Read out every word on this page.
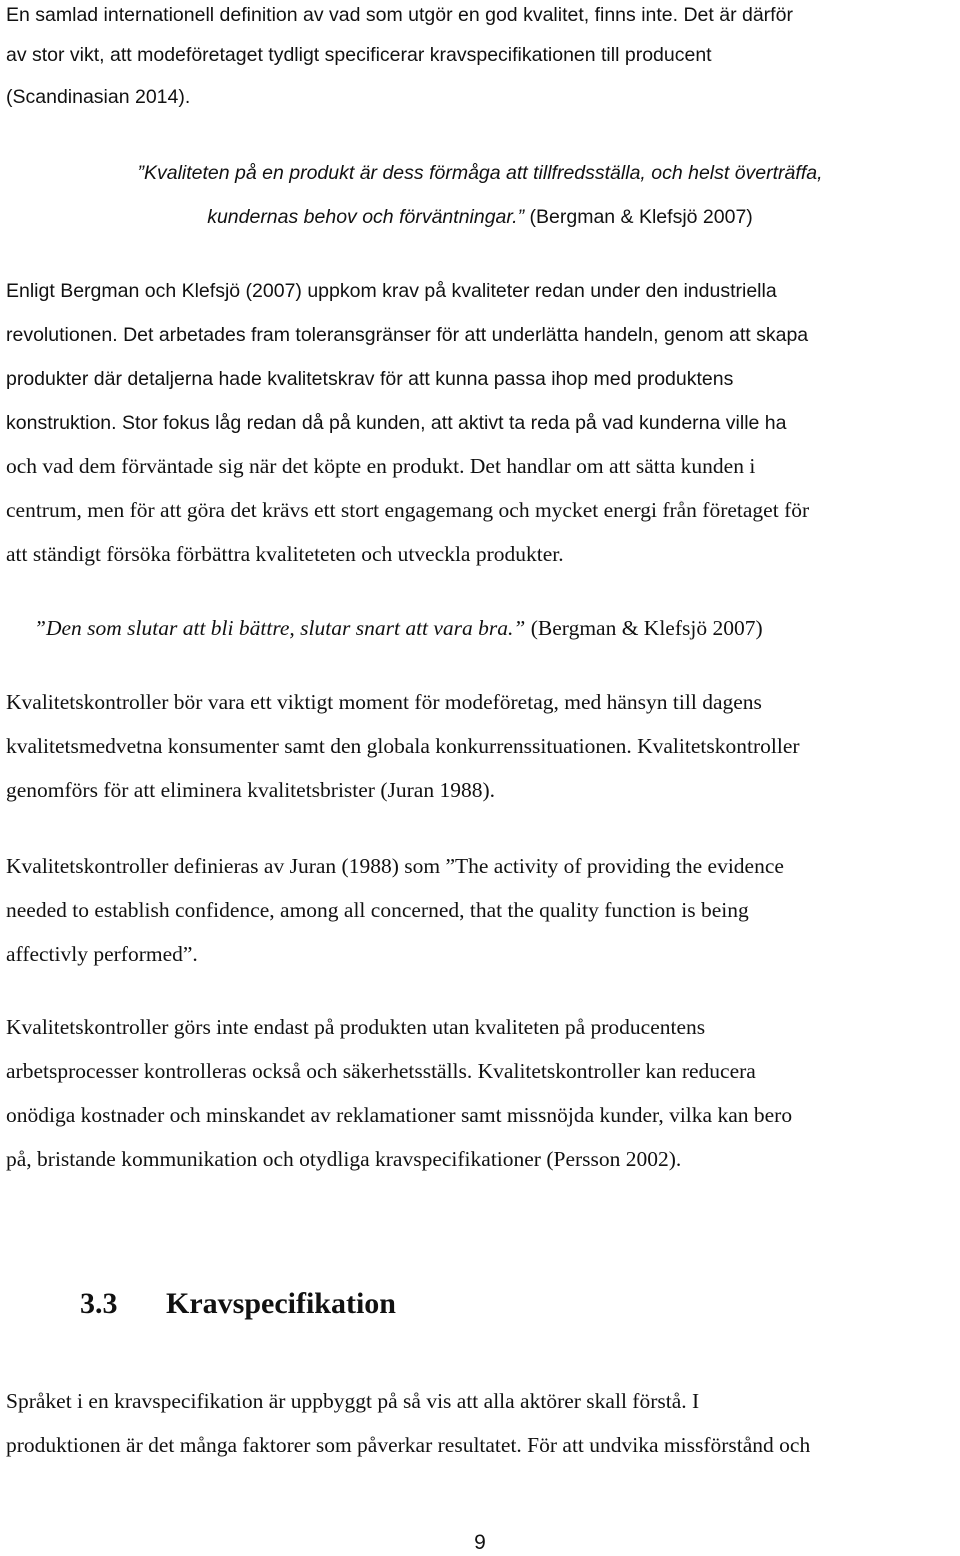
En samlad internationell definition av vad som utgör en god kvalitet, finns inte. Det är därför
av stor vikt, att modeföretaget tydligt specificerar kravspecifikationen till producent
(Scandinasian 2014).
”Kvaliteten på en produkt är dess förmåga att tillfredsställa, och helst överträffa,
kundernas behov och förväntningar.” (Bergman & Klefsjö 2007)
Enligt Bergman och Klefsjö (2007) uppkom krav på kvaliteter redan under den industriella
revolutionen. Det arbetades fram toleransgränser för att underlätta handeln, genom att skapa
produkter där detaljerna hade kvalitetskrav för att kunna passa ihop med produktens
konstruktion. Stor fokus låg redan då på kunden, att aktivt ta reda på vad kunderna ville ha
och vad dem förväntade sig när det köpte en produkt. Det handlar om att sätta kunden i
centrum, men för att göra det krävs ett stort engagemang och mycket energi från företaget för
att ständigt försöka förbättra kvaliteteten och utveckla produkter.
”Den som slutar att bli bättre, slutar snart att vara bra.” (Bergman & Klefsjö 2007)
Kvalitetskontroller bör vara ett viktigt moment för modeföretag, med hänsyn till dagens
kvalitetsmedvetna konsumenter samt den globala konkurrenssituationen. Kvalitetskontroller
genomförs för att eliminera kvalitetsbrister (Juran 1988).
Kvalitetskontroller definieras av Juran (1988) som ”The activity of providing the evidence
needed to establish confidence, among all concerned, that the quality function is being
affectivly performed”.
Kvalitetskontroller görs inte endast på produkten utan kvaliteten på producentens
arbetsprocesser kontrolleras också och säkerhetsställs. Kvalitetskontroller kan reducera
onödiga kostnader och minskandet av reklamationer samt missnöjda kunder, vilka kan bero
på, bristande kommunikation och otydliga kravspecifikationer (Persson 2002).
3.3 Kravspecifikation
Språket i en kravspecifikation är uppbyggt på så vis att alla aktörer skall förstå. I
produktionen är det många faktorer som påverkar resultatet. För att undvika missförstånd och
9
